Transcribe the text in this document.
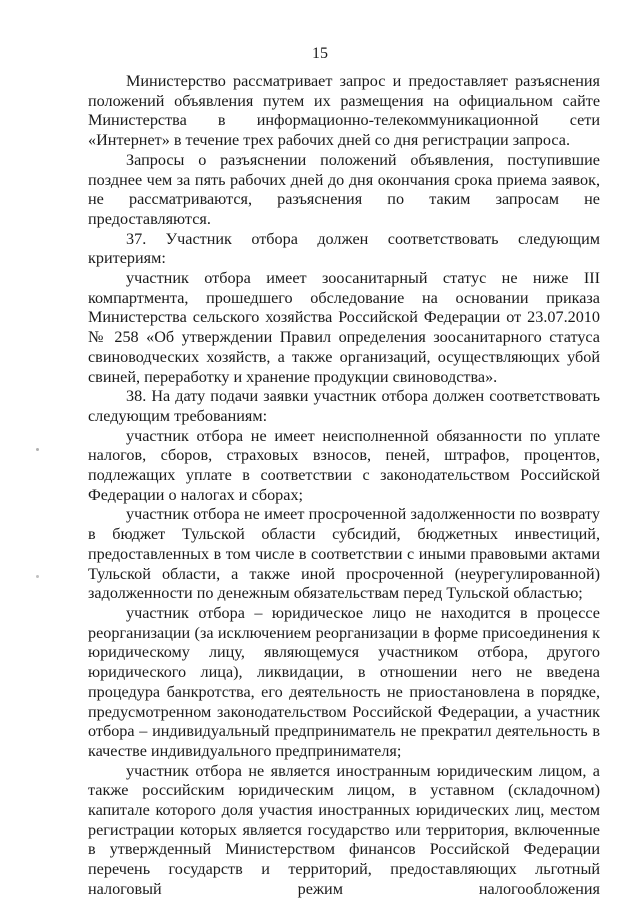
15

Министерство рассматривает запрос и предоставляет разъяснения положений объявления путем их размещения на официальном сайте Министерства в информационно-телекоммуникационной сети «Интернет» в течение трех рабочих дней со дня регистрации запроса.

Запросы о разъяснении положений объявления, поступившие позднее чем за пять рабочих дней до дня окончания срока приема заявок, не рассматриваются, разъяснения по таким запросам не предоставляются.

37. Участник отбора должен соответствовать следующим критериям:

участник отбора имеет зоосанитарный статус не ниже III компартмента, прошедшего обследование на основании приказа Министерства сельского хозяйства Российской Федерации от 23.07.2010 № 258 «Об утверждении Правил определения зоосанитарного статуса свиноводческих хозяйств, а также организаций, осуществляющих убой свиней, переработку и хранение продукции свиноводства».

38. На дату подачи заявки участник отбора должен соответствовать следующим требованиям:

участник отбора не имеет неисполненной обязанности по уплате налогов, сборов, страховых взносов, пеней, штрафов, процентов, подлежащих уплате в соответствии с законодательством Российской Федерации о налогах и сборах;

участник отбора не имеет просроченной задолженности по возврату в бюджет Тульской области субсидий, бюджетных инвестиций, предоставленных в том числе в соответствии с иными правовыми актами Тульской области, а также иной просроченной (неурегулированной) задолженности по денежным обязательствам перед Тульской областью;

участник отбора – юридическое лицо не находится в процессе реорганизации (за исключением реорганизации в форме присоединения к юридическому лицу, являющемуся участником отбора, другого юридического лица), ликвидации, в отношении него не введена процедура банкротства, его деятельность не приостановлена в порядке, предусмотренном законодательством Российской Федерации, а участник отбора – индивидуальный предприниматель не прекратил деятельность в качестве индивидуального предпринимателя;

участник отбора не является иностранным юридическим лицом, а также российским юридическим лицом, в уставном (складочном) капитале которого доля участия иностранных юридических лиц, местом регистрации которых является государство или территория, включенные в утвержденный Министерством финансов Российской Федерации перечень государств и территорий, предоставляющих льготный налоговый режим налогообложения
